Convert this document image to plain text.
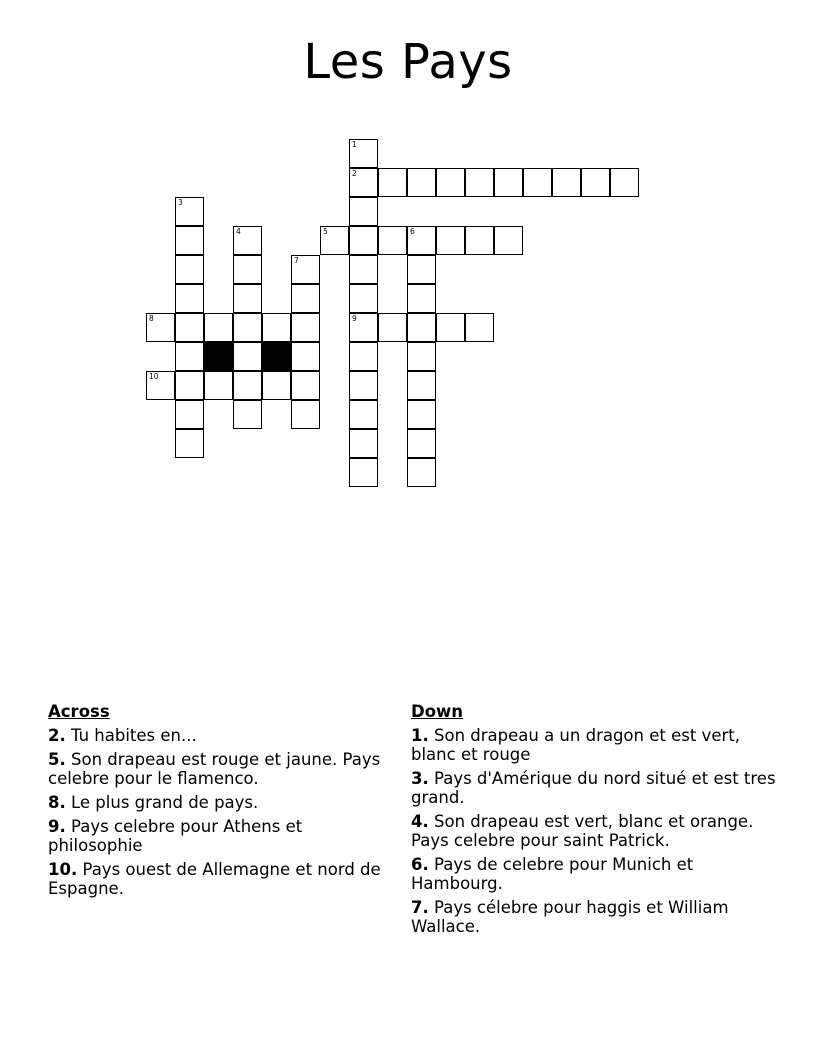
Les Pays
1
2
3
4	5	6
7
8	9
10
Across
2. Tu habites en...
5. Son drapeau est rouge et jaune. Pays celebre pour le flamenco.
8. Le plus grand de pays.
9. Pays celebre pour Athens et philosophie
10. Pays ouest de Allemagne et nord de Espagne.
Down
1. Son drapeau a un dragon et est vert, blanc et rouge
3. Pays d'Amérique du nord situé et est tres grand.
4. Son drapeau est vert, blanc et orange. Pays celebre pour saint Patrick.
6. Pays de celebre pour Munich et Hambourg.
7. Pays célebre pour haggis et William Wallace.
